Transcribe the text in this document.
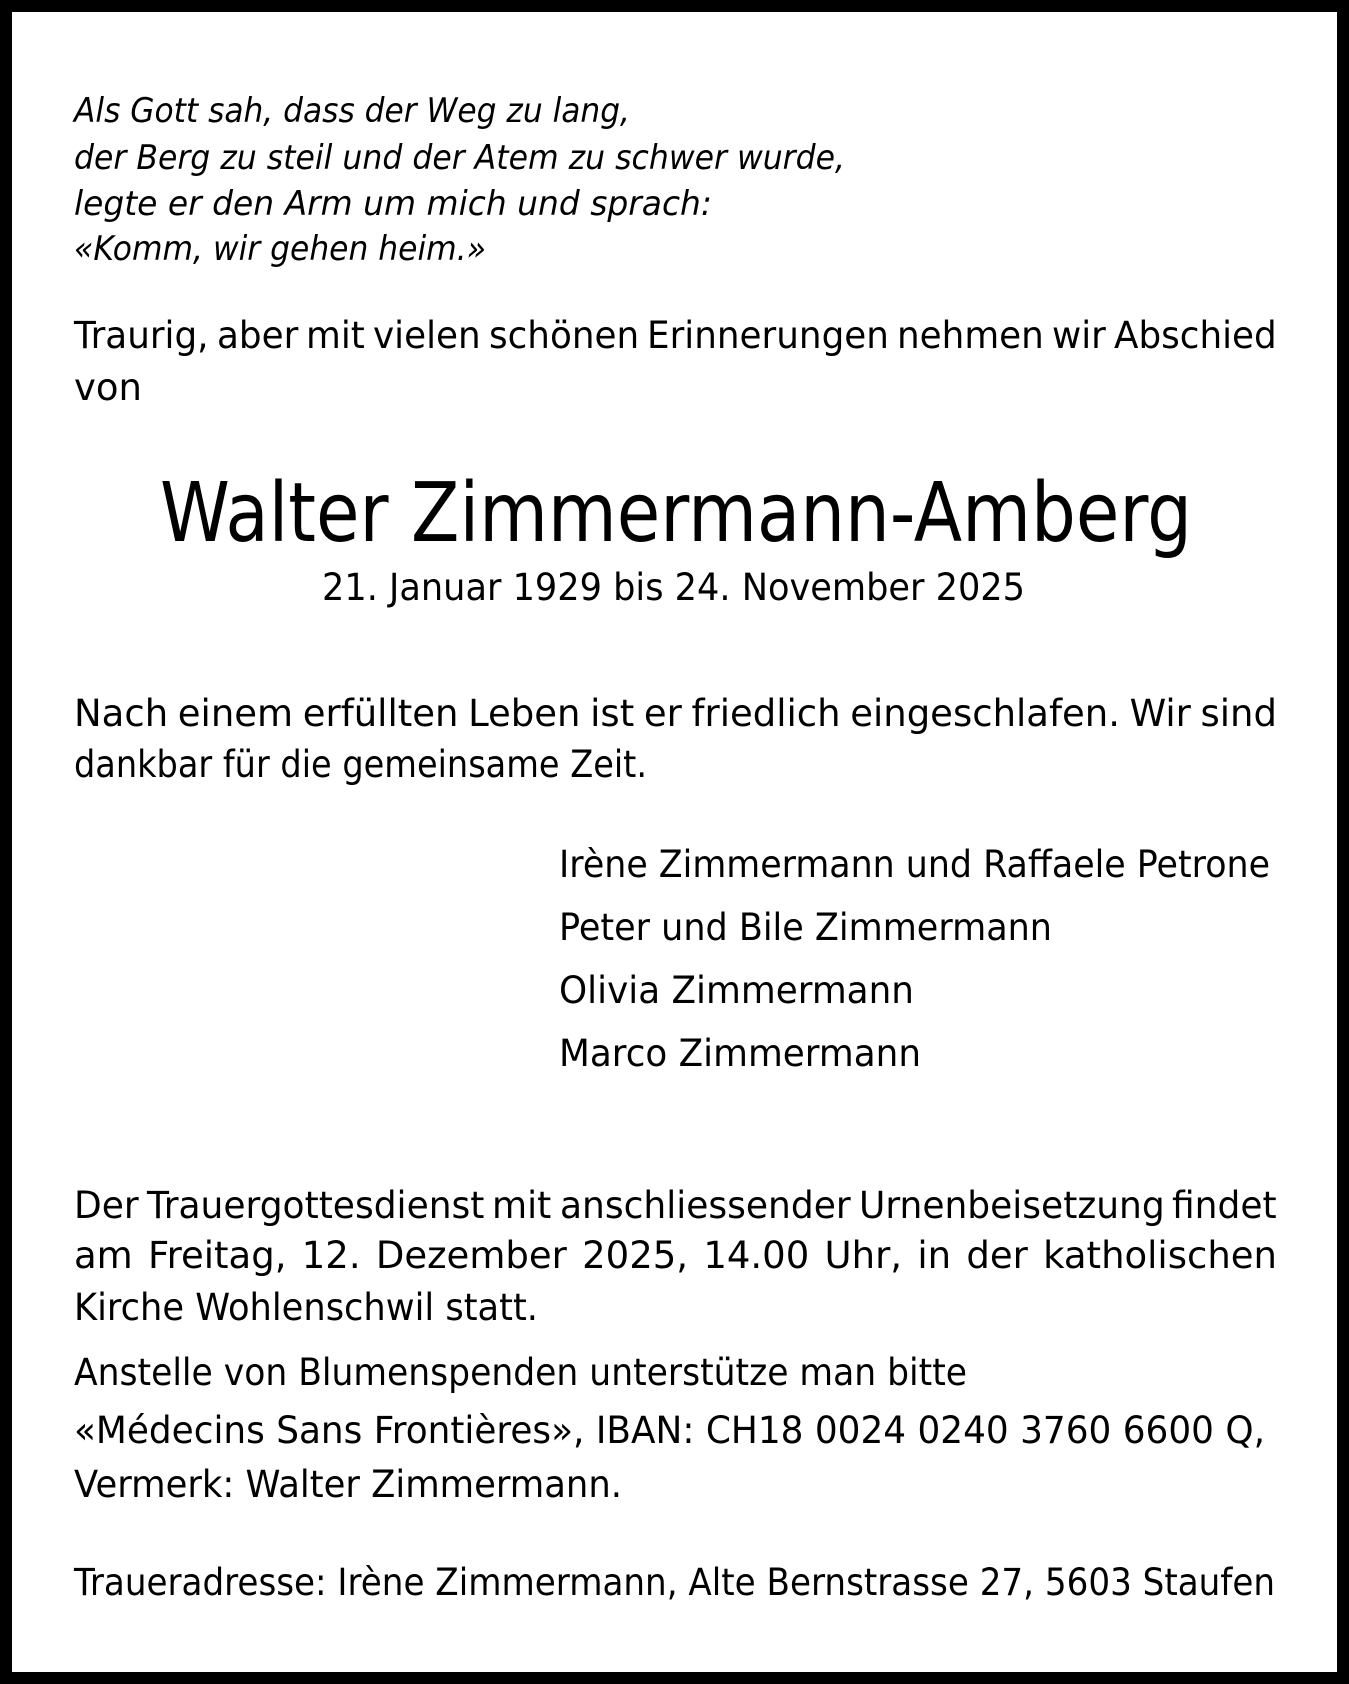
Als Gott sah, dass der Weg zu lang,
der Berg zu steil und der Atem zu schwer wurde,
legte er den Arm um mich und sprach:
«Komm, wir gehen heim.»
Traurig, aber mit vielen schönen Erinnerungen nehmen wir Abschied
von
Walter Zimmermann-Amberg
21. Januar 1929 bis 24. November 2025
Nach einem erfüllten Leben ist er friedlich eingeschlafen. Wir sind
dankbar für die gemeinsame Zeit.
Irène Zimmermann und Raffaele Petrone
Peter und Bile Zimmermann
Olivia Zimmermann
Marco Zimmermann
Der Trauergottesdienst mit anschliessender Urnenbeisetzung findet
am Freitag, 12. Dezember 2025, 14.00 Uhr, in der katholischen
Kirche Wohlenschwil statt.
Anstelle von Blumenspenden unterstütze man bitte
«Médecins Sans Frontières», IBAN: CH18 0024 0240 3760 6600 Q,
Vermerk: Walter Zimmermann.
Traueradresse: Irène Zimmermann, Alte Bernstrasse 27, 5603 Staufen
